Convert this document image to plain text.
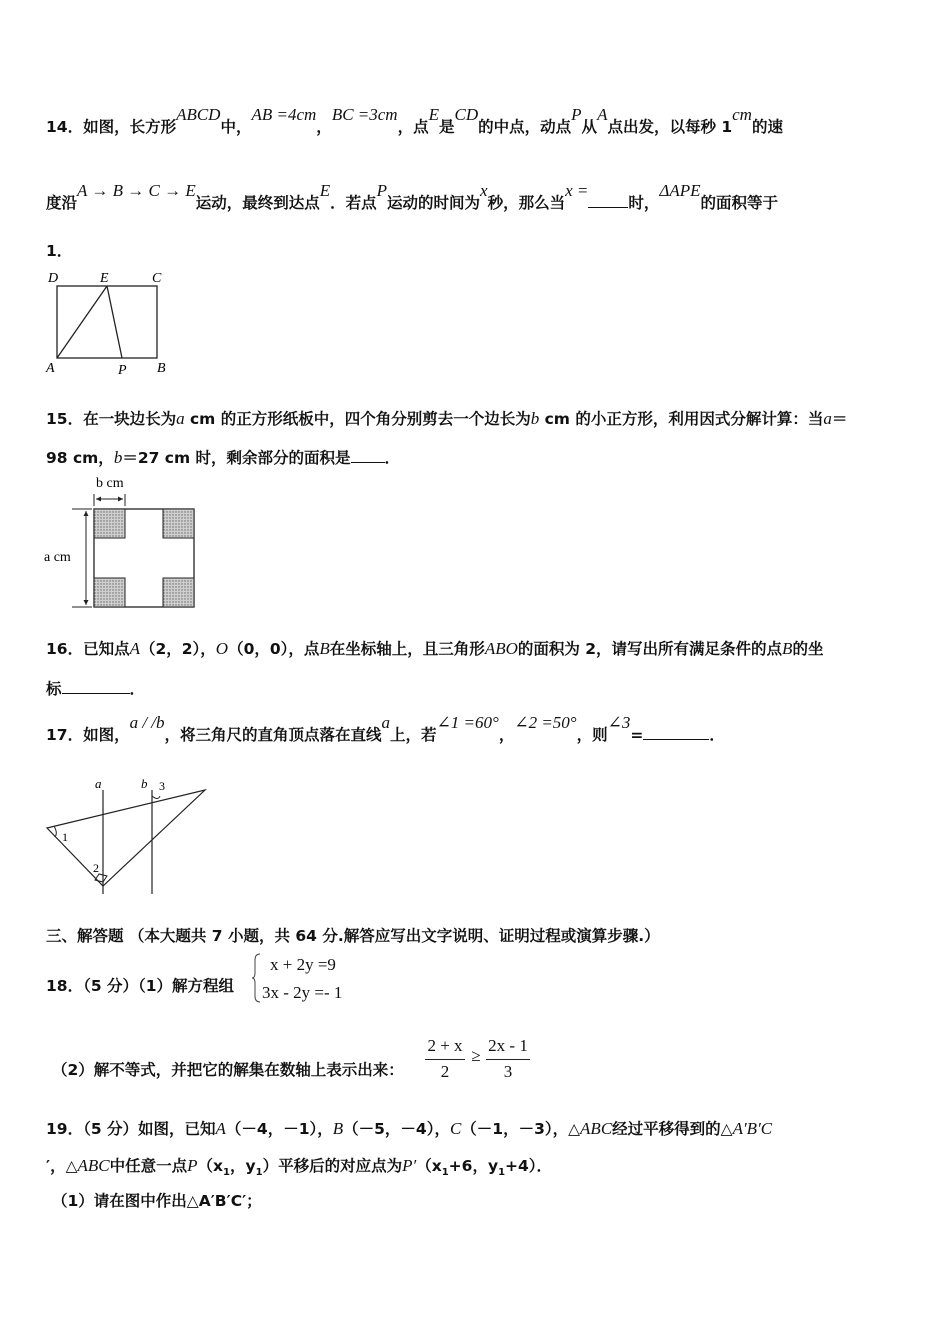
14．如图，长方形ABCD中，AB =4cm，BC =3cm，点E是CD的中点，动点P从A点出发，以每秒 1cm的速
度沿A → B → C → E运动，最终到达点E．若点P运动的时间为x秒，那么当x =时，ΔAPE的面积等于
1．
D	E	C
A	P B
15．在一块边长为a cm 的正方形纸板中，四个角分别剪去一个边长为b cm 的小正方形，利用因式分解计算：当a＝
98 cm，b＝27 cm 时，剩余部分的面积是 ．
b cm
a cm
16．已知点A（2，2），O（0，0），点B在坐标轴上，且三角形ABO的面积为 2，请写出所有满足条件的点B的坐
标	．
17．如图，a / /b，将三角尺的直角顶点落在直线a上，若∠1 =60°，∠2 =50°，则∠3=	．
a	b 3
1
2
三、解答题 （本大题共 7 小题，共 64 分.解答应写出文字说明、证明过程或演算步骤.）
18．（5 分）（1）解方程组
x + 2y =9
3x - 2y =- 1
（2）解不等式，并把它的解集在数轴上表示出来：
2 + x
2
≥
2x - 1
3
19．（5 分）如图，已知A（－4，－1），B（－5，－4），C（－1，－3），△ABC经过平移得到的△A′B′C
′，△ABC中任意一点$P(x_1$，$y_1$）平移后的对应点为$P'(x_1+6$，$y_1+4$）．
（1）请在图中作出△A′B′C′；
